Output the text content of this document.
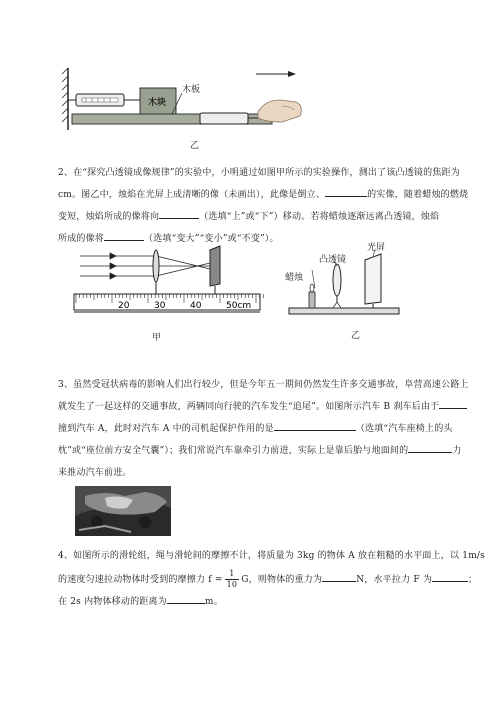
木块
木板
乙
2、在“探究凸透镜成像规律”的实验中，小明通过如图甲所示的实验操作，测出了该凸透镜的焦距为
cm。图乙中，烛焰在光屏上成清晰的像（未画出），此像是倒立、	的实像，随着蜡烛的燃烧
变短，烛焰所成的像将向	（选填“上”或“下”）移动。若将蜡烛逐渐远离凸透镜，烛焰
所成的像将	（选填“变大”“变小”或“不变”）。
20	30	40	50cm
甲
蜡烛
凸透镜
光屏
乙
3、虽然受冠状病毒的影响人们出行较少，但是今年五一期间仍然发生许多交通事故，阜营高速公路上
就发生了一起这样的交通事故，两辆同向行驶的汽车发生“追尾”。如图所示汽车 B 刹车后由于
撞到汽车 A，此时对汽车 A 中的司机起保护作用的是	（选填“汽车座椅上的头
枕”或“座位前方安全气囊”）；我们常说汽车靠牵引力前进，实际上是靠后胎与地面间的	力
来推动汽车前进。
4、如图所示的滑轮组，绳与滑轮间的摩擦不计，将质量为 3kg 的物体 A 放在粗糙的水平面上，以 1m/s
的速度匀速拉动物体时受到的摩擦力 $f = \frac{1}{10}$ G，则物体的重力为	N，水平拉力 F 为	；
在 2s 内物体移动的距离为	m。
